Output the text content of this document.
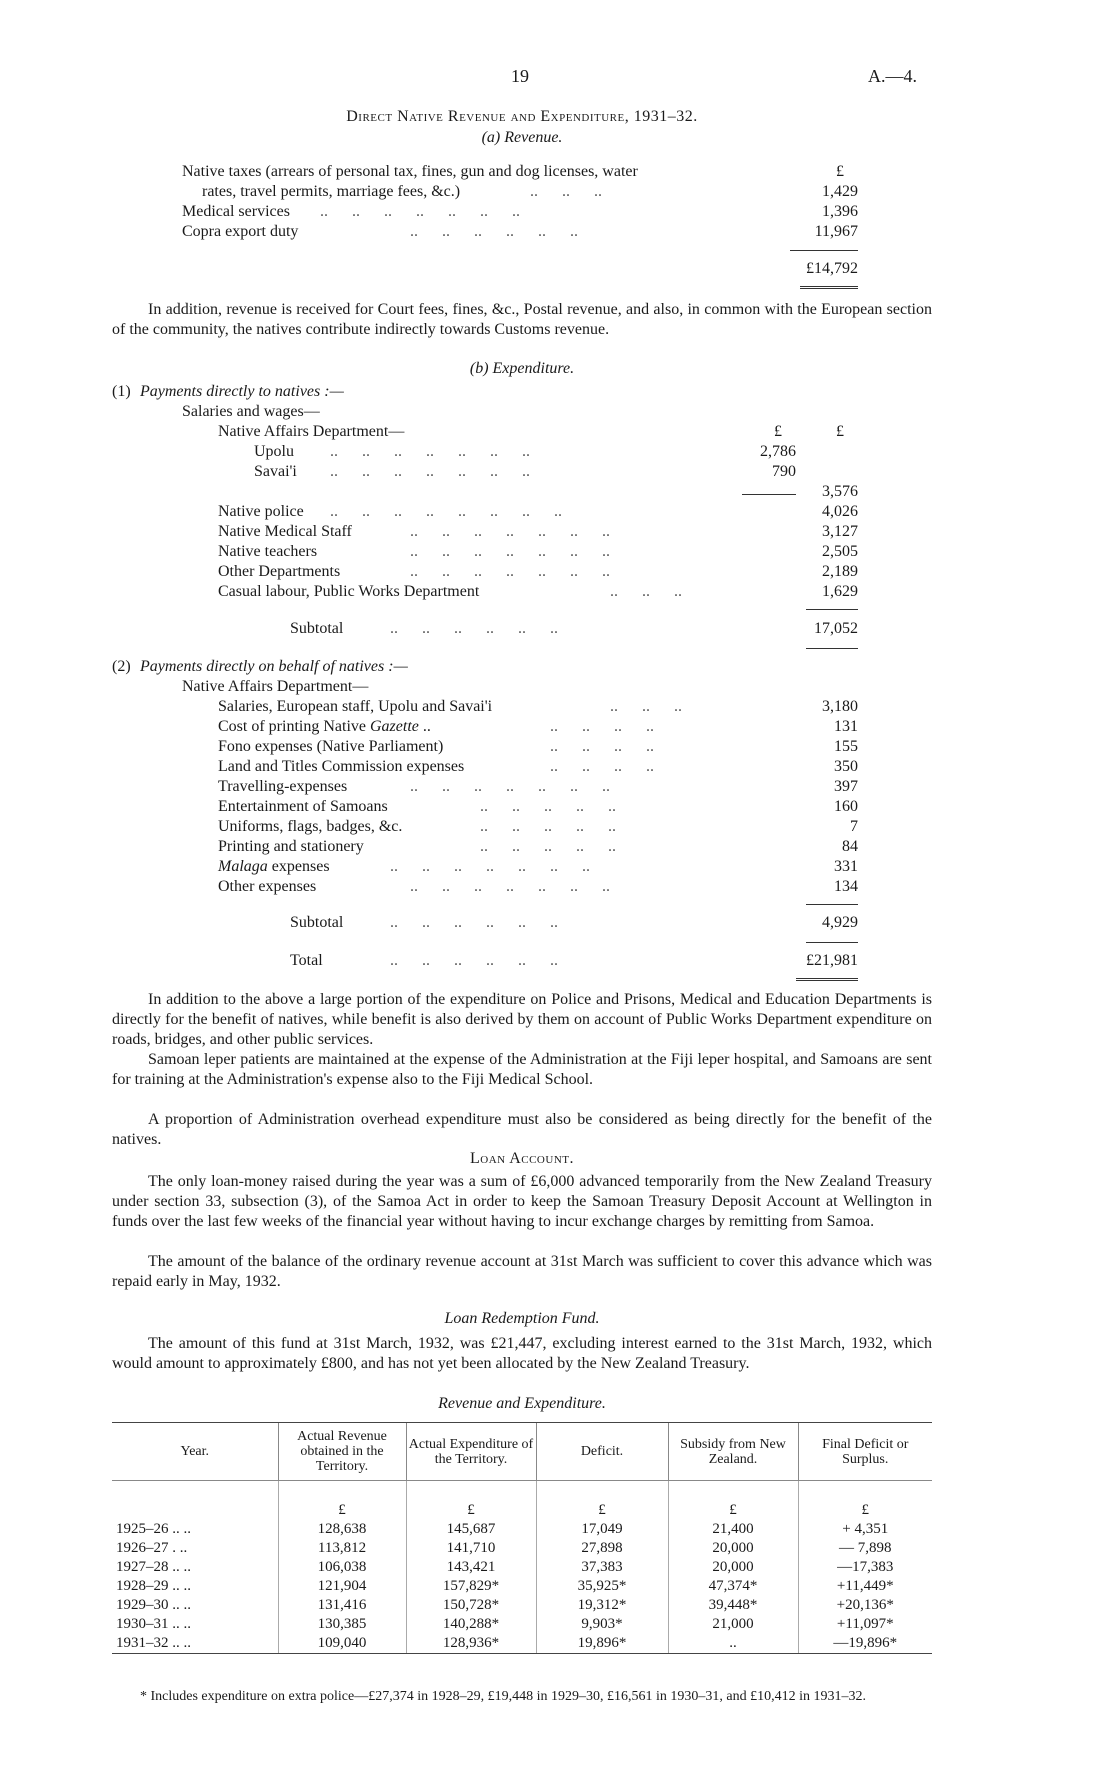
19	A.—4.
Direct Native Revenue and Expenditure, 1931–32.
(a) Revenue.
Native taxes (arrears of personal tax, fines, gun and dog licenses, water	£
rates, travel permits, marriage fees, &c.)	..      ..      ..	1,429
Medical services ..      ..      ..      ..      ..      ..      ..	1,396
Copra export duty	..      ..      ..      ..      ..      ..	11,967
£14,792
In addition, revenue is received for Court fees, fines, &c., Postal revenue, and also, in common with the European section of the community, the natives contribute indirectly towards Customs revenue.
(b) Expenditure.
(1) Payments directly to natives :—
Salaries and wages—
Native Affairs Department—	£	£
Upolu ..      ..      ..      ..      ..      ..      ..	2,786
Savai'i ..      ..      ..      ..      ..      ..      ..	790
3,576
Native police ..      ..      ..      ..      ..      ..      ..      ..	4,026
Native Medical Staff	..      ..      ..      ..      ..      ..      ..	3,127
Native teachers	..      ..      ..      ..      ..      ..      ..	2,505
Other Departments	..      ..      ..      ..      ..      ..      ..	2,189
Casual labour, Public Works Department	..      ..      ..	1,629
Subtotal	..      ..      ..      ..      ..      ..	17,052
(2) Payments directly on behalf of natives :—
Native Affairs Department—
Salaries, European staff, Upolu and Savai'i	..      ..      ..	3,180
Cost of printing Native Gazette ..	..      ..      ..      ..	131
Fono expenses (Native Parliament)	..      ..      ..      ..	155
Land and Titles Commission expenses	..      ..      ..      ..	350
Travelling-expenses	..      ..      ..      ..      ..      ..      ..	397
Entertainment of Samoans	..      ..      ..      ..      ..	160
Uniforms, flags, badges, &c.	..      ..      ..      ..      ..	7
Printing and stationery	..      ..      ..      ..      ..	84
Malaga expenses	..      ..      ..      ..      ..      ..      ..	331
Other expenses	..      ..      ..      ..      ..      ..      ..	134
Subtotal	..      ..      ..      ..      ..      ..	4,929
Total	..      ..      ..      ..      ..      ..	£21,981
In addition to the above a large portion of the expenditure on Police and Prisons, Medical and Education Departments is directly for the benefit of natives, while benefit is also derived by them on account of Public Works Department expenditure on roads, bridges, and other public services.
Samoan leper patients are maintained at the expense of the Administration at the Fiji leper hospital, and Samoans are sent for training at the Administration's expense also to the Fiji Medical School.
A proportion of Administration overhead expenditure must also be considered as being directly for the benefit of the natives.
Loan Account.
The only loan-money raised during the year was a sum of £6,000 advanced temporarily from the New Zealand Treasury under section 33, subsection (3), of the Samoa Act in order to keep the Samoan Treasury Deposit Account at Wellington in funds over the last few weeks of the financial year without having to incur exchange charges by remitting from Samoa.
The amount of the balance of the ordinary revenue account at 31st March was sufficient to cover this advance which was repaid early in May, 1932.
Loan Redemption Fund.
The amount of this fund at 31st March, 1932, was £21,447, excluding interest earned to the 31st March, 1932, which would amount to approximately £800, and has not yet been allocated by the New Zealand Treasury.
Revenue and Expenditure.
Year.	Actual Revenue obtained in the Territory.	Actual Expenditure of the Territory.	Deficit.	Subsidy from New Zealand.	Final Deficit or Surplus.
	£	£	£	£	£
1925–26 .. ..	128,638	145,687	17,049	21,400	+ 4,351
1926–27 . ..	113,812	141,710	27,898	20,000	— 7,898
1927–28 .. ..	106,038	143,421	37,383	20,000	—17,383
1928–29 .. ..	121,904	157,829*	35,925*	47,374*	+11,449*
1929–30 .. ..	131,416	150,728*	19,312*	39,448*	+20,136*
1930–31 .. ..	130,385	140,288*	9,903*	21,000	+11,097*
1931–32 .. ..	109,040	128,936*	19,896*	..	—19,896*
* Includes expenditure on extra police—£27,374 in 1928–29, £19,448 in 1929–30, £16,561 in 1930–31, and £10,412 in 1931–32.
